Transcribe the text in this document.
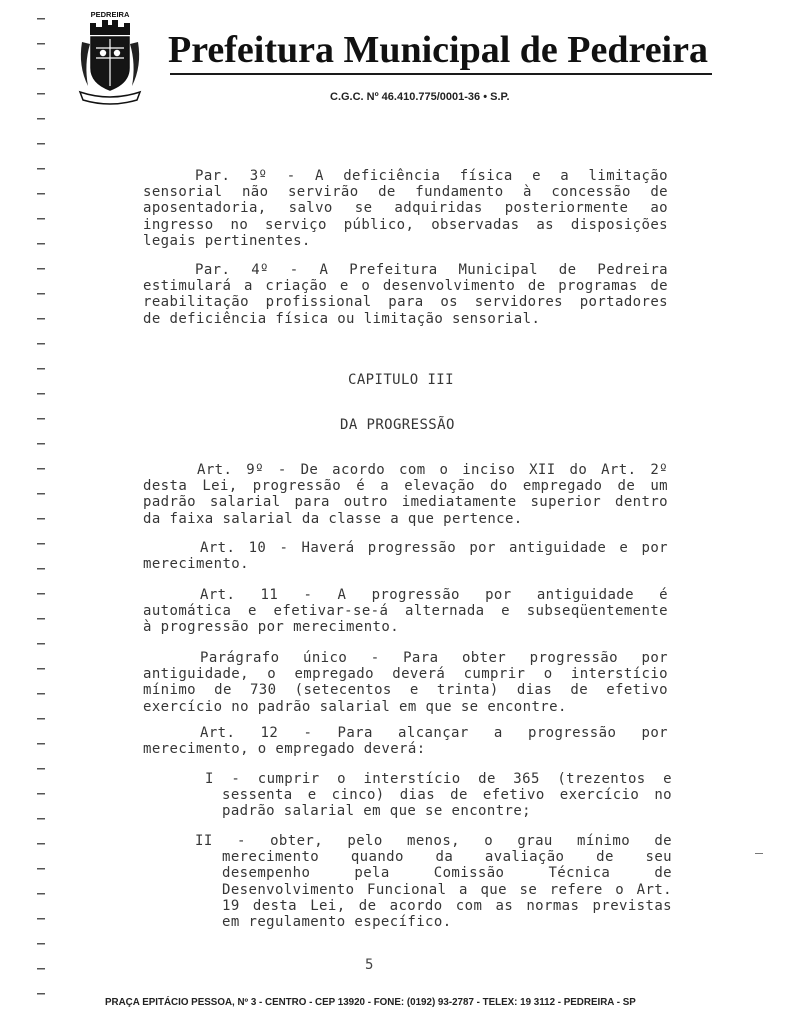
PEDREIRA
Prefeitura Municipal de Pedreira
C.G.C. Nº 46.410.775/0001-36 • S.P.
Par. 3º - A deficiência física e a limitação
sensorial não servirão de fundamento à concessão de
aposentadoria, salvo se adquiridas posteriormente ao
ingresso no serviço público, observadas as disposições
legais pertinentes.
Par. 4º - A Prefeitura Municipal de Pedreira
estimulará a criação e o desenvolvimento de programas de
reabilitação profissional para os servidores portadores
de deficiência física ou limitação sensorial.
CAPITULO III
DA PROGRESSÃO
Art. 9º - De acordo com o inciso XII do Art. 2º
desta Lei, progressão é a elevação do empregado de um
padrão salarial para outro imediatamente superior dentro
da faixa salarial da classe a que pertence.
Art. 10 - Haverá progressão por antiguidade e por
merecimento.
Art. 11 - A progressão por antiguidade é
automática e efetivar-se-á alternada e subseqüentemente
à progressão por merecimento.
Parágrafo único - Para obter progressão por
antiguidade, o empregado deverá cumprir o interstício
mínimo de 730 (setecentos e trinta) dias de efetivo
exercício no padrão salarial em que se encontre.
Art. 12 - Para alcançar a progressão por
merecimento, o empregado deverá:
I - cumprir o interstício de 365 (trezentos e
sessenta e cinco) dias de efetivo exercício no
padrão salarial em que se encontre;
II - obter, pelo menos, o grau mínimo de
merecimento quando da avaliação de seu
desempenho pela Comissão Técnica de
Desenvolvimento Funcional a que se refere o Art.
19 desta Lei, de acordo com as normas previstas
em regulamento específico.
5
PRAÇA EPITÁCIO PESSOA, Nº 3 - CENTRO - CEP 13920 - FONE: (0192) 93-2787 - TELEX: 19 3112 - PEDREIRA - SP
